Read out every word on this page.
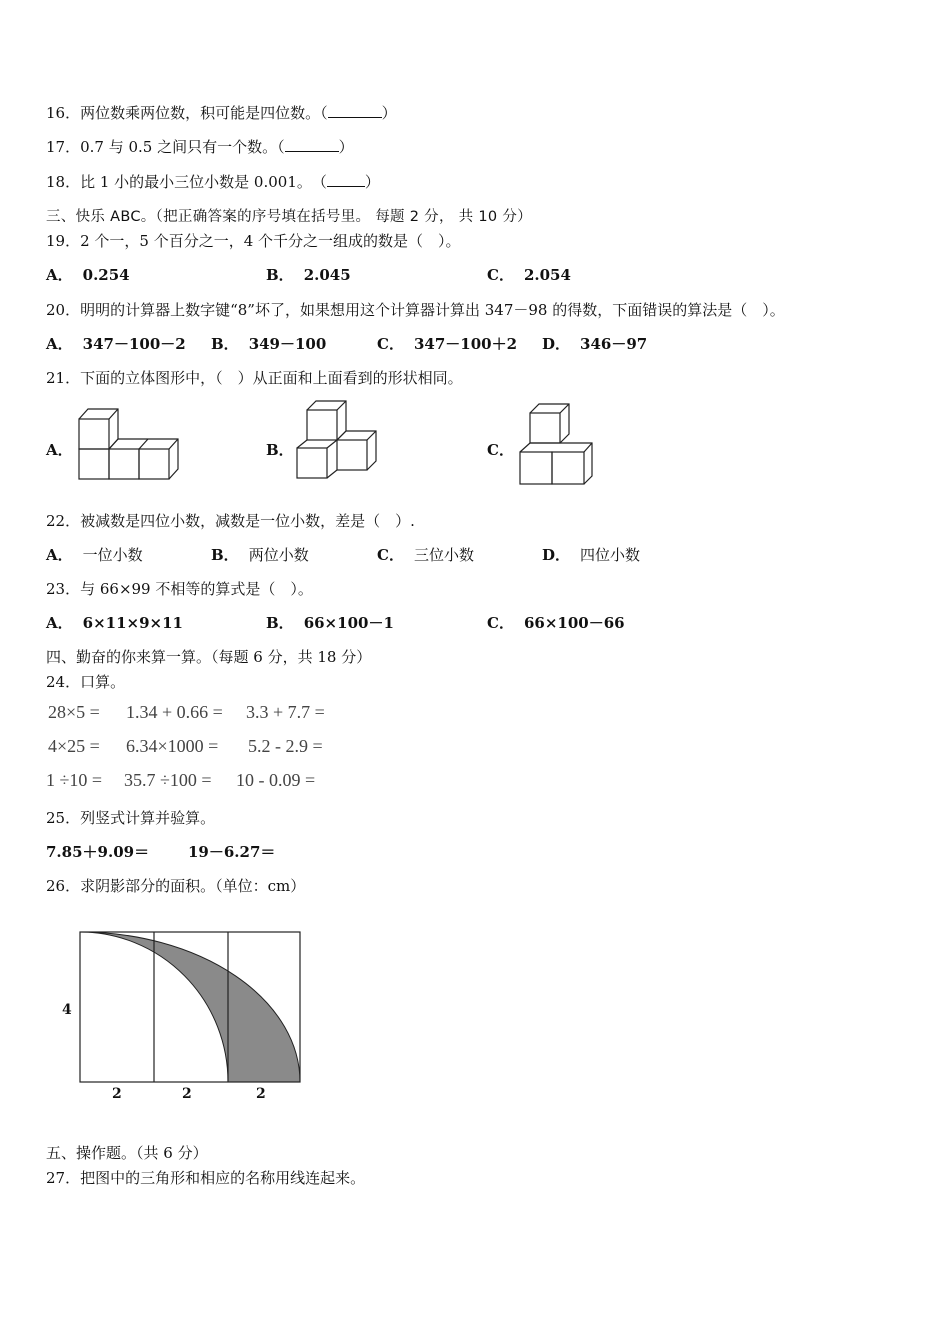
16．两位数乘两位数，积可能是四位数。（	）
17．0.7 与 0.5 之间只有一个数。（	）
18．比 1 小的最小三位小数是 0.001。　（	）
三、快乐 ABC。（把正确答案的序号填在括号里。 每题 2 分， 共 10 分）
19．2 个一，5 个百分之一，4 个千分之一组成的数是（　）。
A． 0.254	B． 2.045	C． 2.054
20．明明的计算器上数字键“8”坏了，如果想用这个计算器计算出 347－98 的得数，下面错误的算法是（　）。
A． 347－100－2 B． 349－100	C． 347－100＋2 D． 346－97
21．下面的立体图形中，（　）从正面和上面看到的形状相同。
A．	B．	C．
22．被减数是四位小数，减数是一位小数，差是（　）.
A． 一位小数	B． 两位小数	C． 三位小数	D． 四位小数
23．与 66×99 不相等的算式是（　）。
A． 6×11×9×11	B． 66×100－1	C． 66×100－66
四、勤奋的你来算一算。（每题 6 分，共 18 分）
24．口算。
28×5 = 1.34 + 0.66 = 3.3 + 7.7 =
4×25 = 6.34×1000 = 5.2 - 2.9 =
1 ÷10 = 35.7 ÷100 = 10 - 0.09 =
25．列竖式计算并验算。
7.85＋9.09＝	19－6.27＝
26．求阴影部分的面积。（单位：cm）
4
2	2	2
五、操作题。（共 6 分）
27．把图中的三角形和相应的名称用线连起来。
